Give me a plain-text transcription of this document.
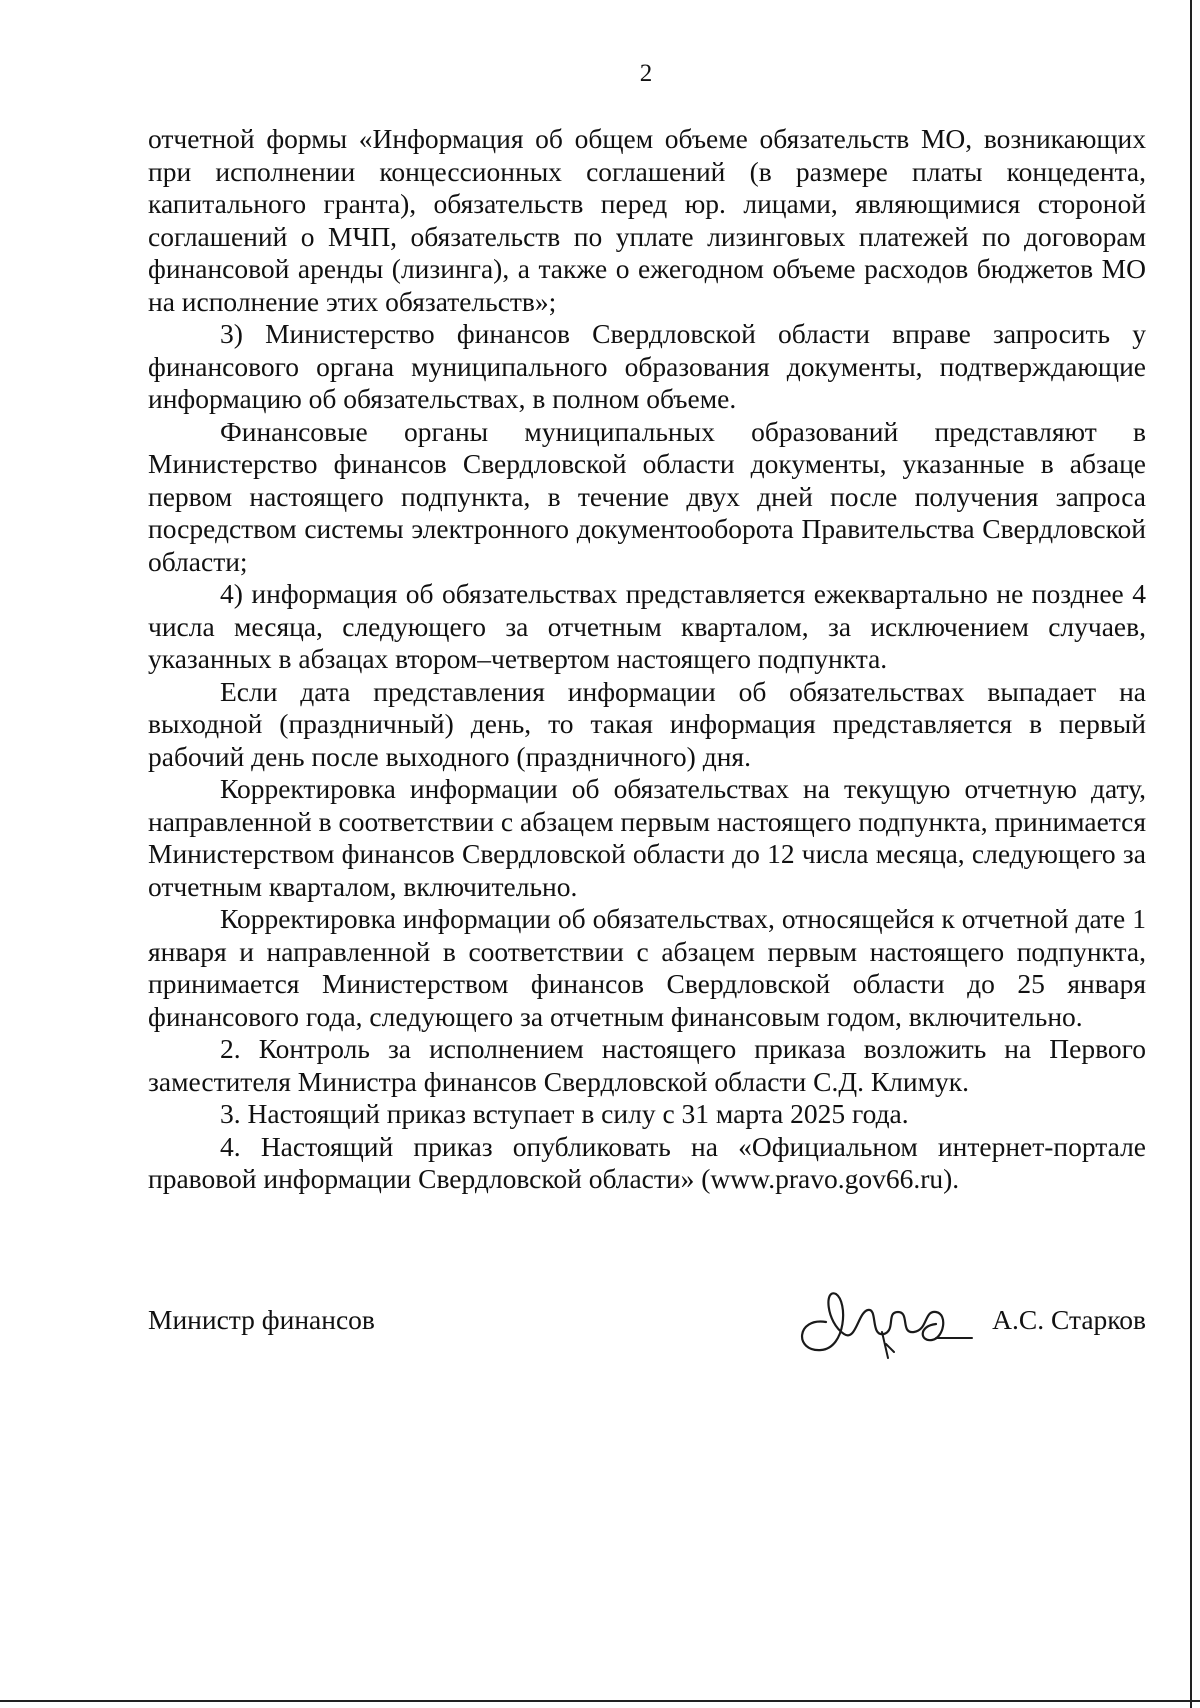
2

отчетной формы «Информация об общем объеме обязательств МО, возникающих при исполнении концессионных соглашений (в размере платы концедента, капитального гранта), обязательств перед юр. лицами, являющимися стороной соглашений о МЧП, обязательств по уплате лизинговых платежей по договорам финансовой аренды (лизинга), а также о ежегодном объеме расходов бюджетов МО на исполнение этих обязательств»;

3) Министерство финансов Свердловской области вправе запросить у финансового органа муниципального образования документы, подтверждающие информацию об обязательствах, в полном объеме.

Финансовые органы муниципальных образований представляют в Министерство финансов Свердловской области документы, указанные в абзаце первом настоящего подпункта, в течение двух дней после получения запроса посредством системы электронного документооборота Правительства Свердловской области;

4) информация об обязательствах представляется ежеквартально не позднее 4 числа месяца, следующего за отчетным кварталом, за исключением случаев, указанных в абзацах втором–четвертом настоящего подпункта.

Если дата представления информации об обязательствах выпадает на выходной (праздничный) день, то такая информация представляется в первый рабочий день после выходного (праздничного) дня.

Корректировка информации об обязательствах на текущую отчетную дату, направленной в соответствии с абзацем первым настоящего подпункта, принимается Министерством финансов Свердловской области до 12 числа месяца, следующего за отчетным кварталом, включительно.

Корректировка информации об обязательствах, относящейся к отчетной дате 1 января и направленной в соответствии с абзацем первым настоящего подпункта, принимается Министерством финансов Свердловской области до 25 января финансового года, следующего за отчетным финансовым годом, включительно.

2. Контроль за исполнением настоящего приказа возложить на Первого заместителя Министра финансов Свердловской области С.Д. Климук.

3. Настоящий приказ вступает в силу с 31 марта 2025 года.

4. Настоящий приказ опубликовать на «Официальном интернет-портале правовой информации Свердловской области» (www.pravo.gov66.ru).

Министр финансов	А.С. Старков
